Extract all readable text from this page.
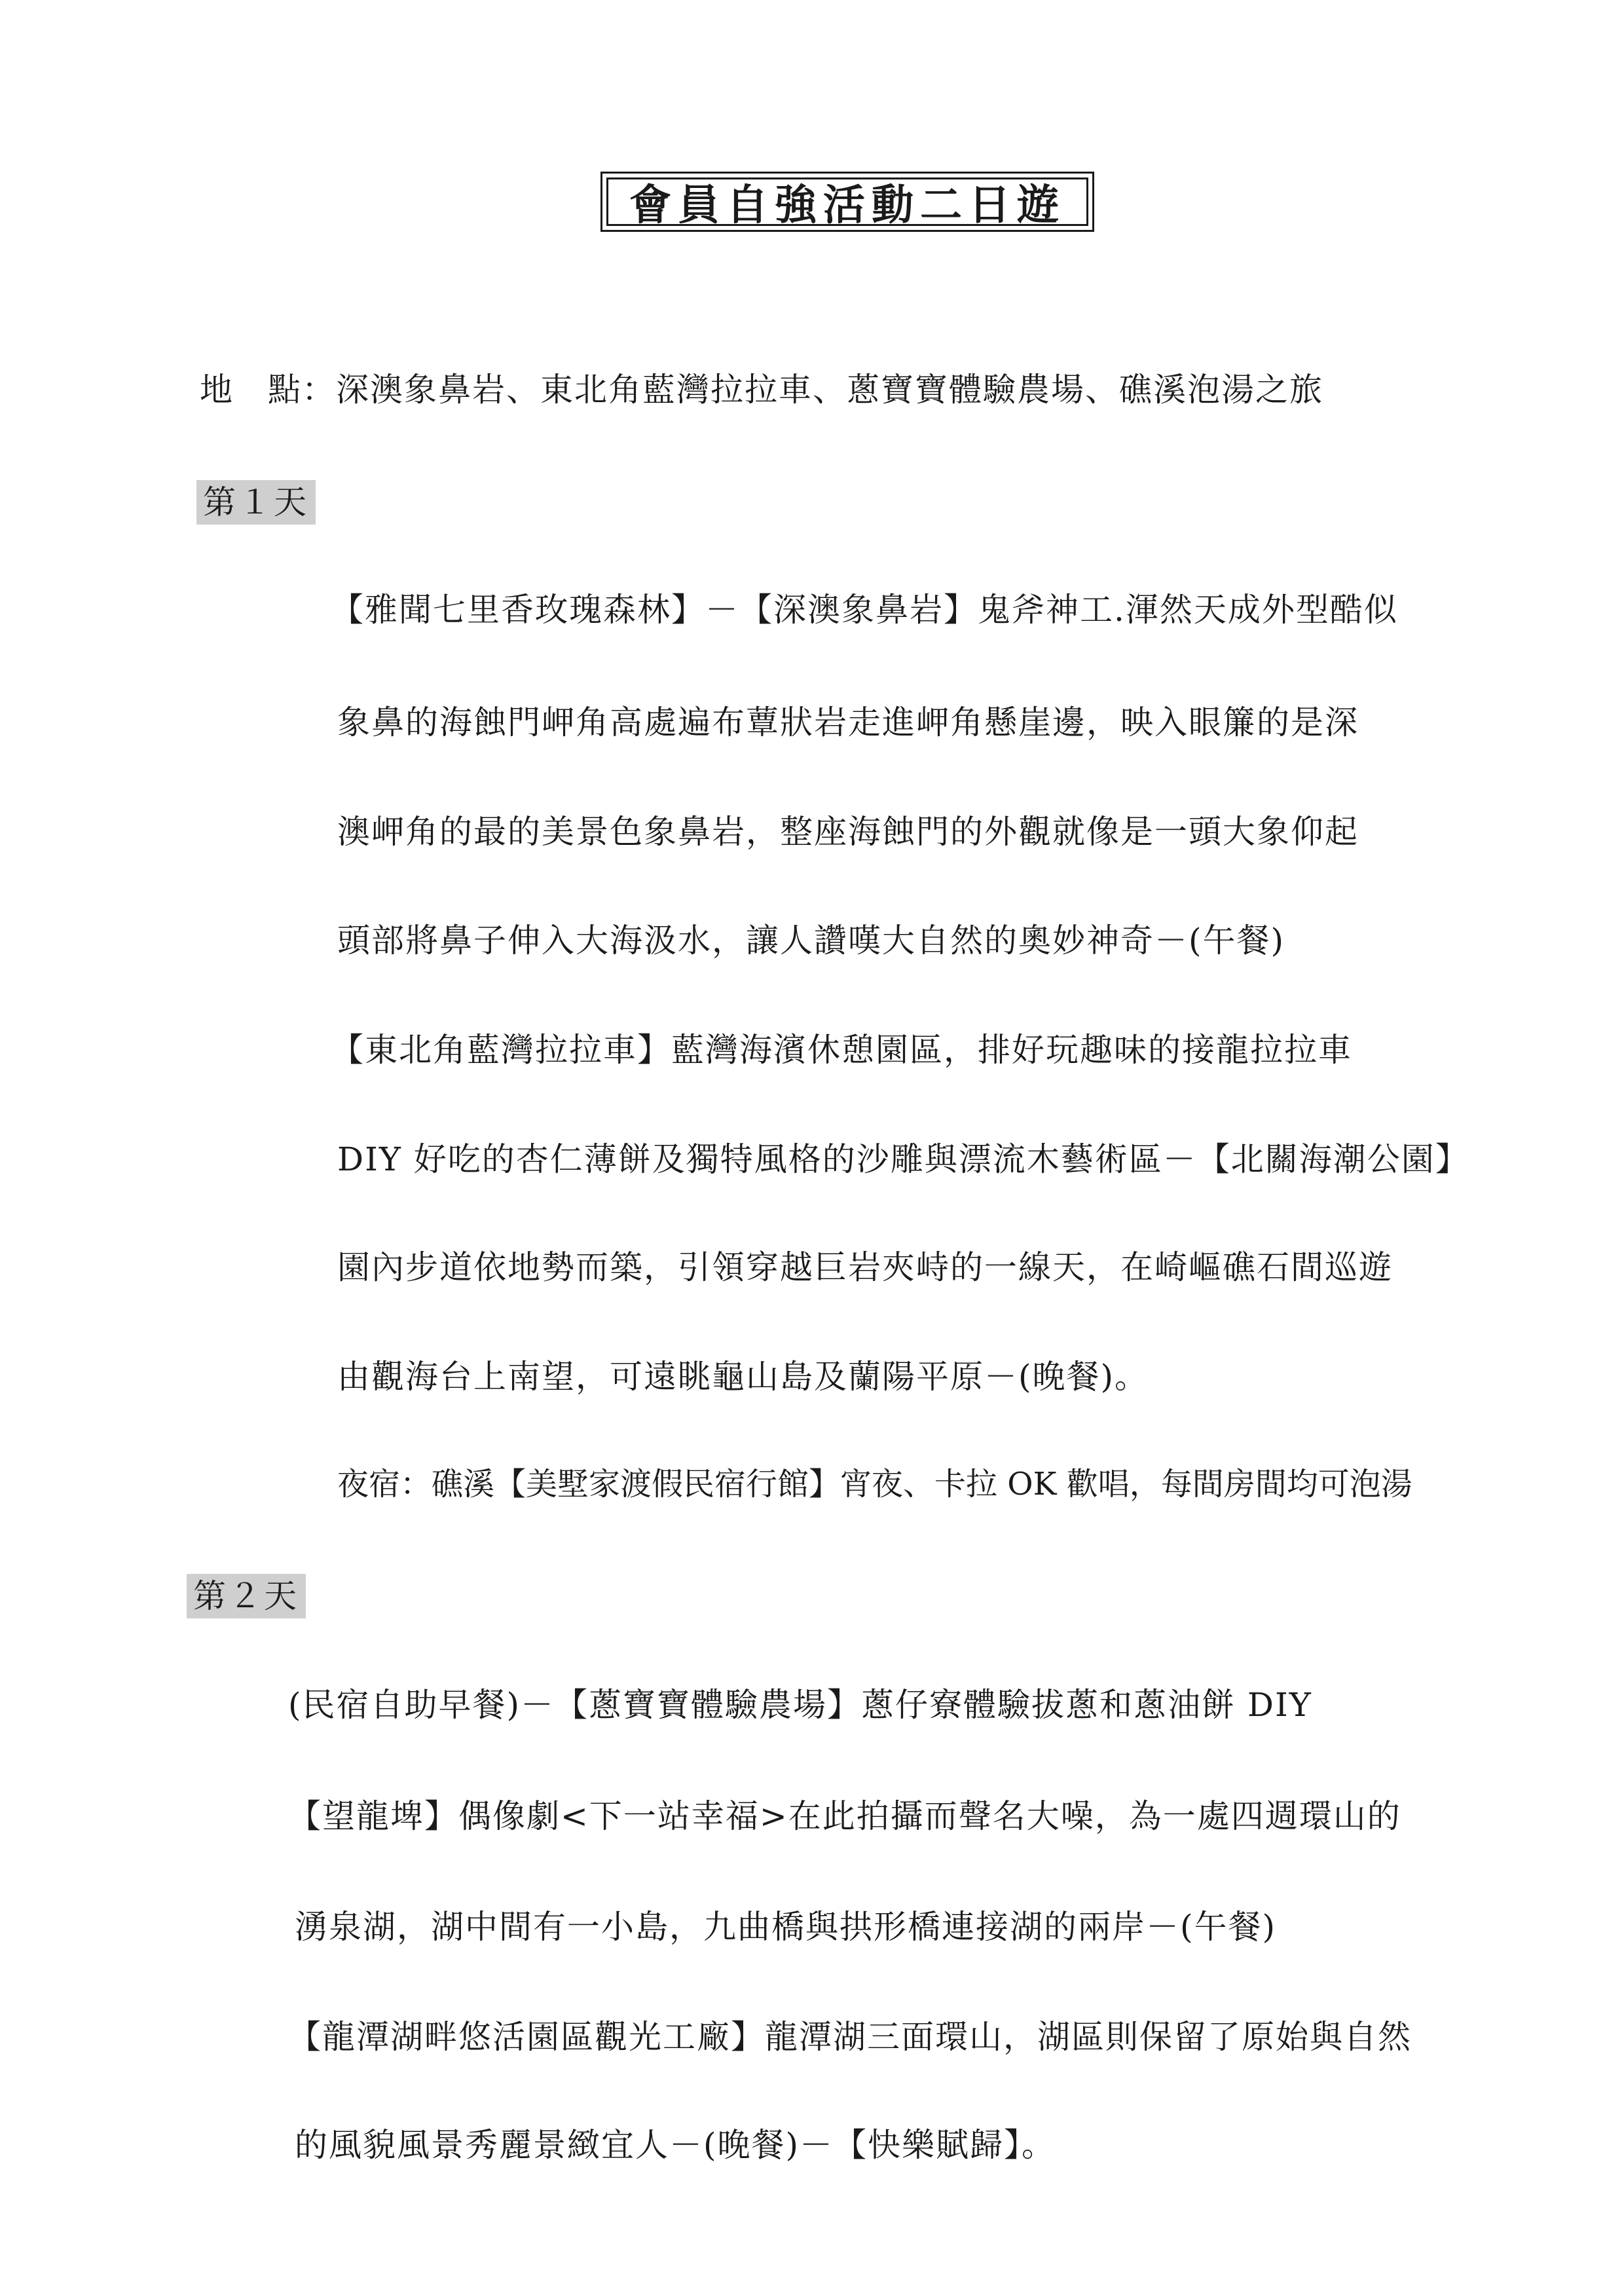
會員自強活動二日遊
地　點：深澳象鼻岩、東北角藍灣拉拉車、蔥寶寶體驗農場、礁溪泡湯之旅
第１天
【雅聞七里香玫瑰森林】－【深澳象鼻岩】鬼斧神工.渾然天成外型酷似
象鼻的海蝕門岬角高處遍布蕈狀岩走進岬角懸崖邊，映入眼簾的是深
澳岬角的最的美景色象鼻岩，整座海蝕門的外觀就像是一頭大象仰起
頭部將鼻子伸入大海汲水，讓人讚嘆大自然的奧妙神奇－(午餐)
【東北角藍灣拉拉車】藍灣海濱休憩園區，排好玩趣味的接龍拉拉車
DIY 好吃的杏仁薄餅及獨特風格的沙雕與漂流木藝術區－【北關海潮公園】
園內步道依地勢而築，引領穿越巨岩夾峙的一線天，在崎嶇礁石間巡遊
由觀海台上南望，可遠眺龜山島及蘭陽平原－(晚餐)。
夜宿：礁溪【美墅家渡假民宿行館】宵夜、卡拉 OK 歡唱，每間房間均可泡湯
第２天
(民宿自助早餐)－【蔥寶寶體驗農場】蔥仔寮體驗拔蔥和蔥油餅 DIY
【望龍埤】偶像劇<下一站幸福>在此拍攝而聲名大噪，為一處四週環山的
湧泉湖，湖中間有一小島，九曲橋與拱形橋連接湖的兩岸－(午餐)
【龍潭湖畔悠活園區觀光工廠】龍潭湖三面環山，湖區則保留了原始與自然
的風貌風景秀麗景緻宜人－(晚餐)－【快樂賦歸】。
